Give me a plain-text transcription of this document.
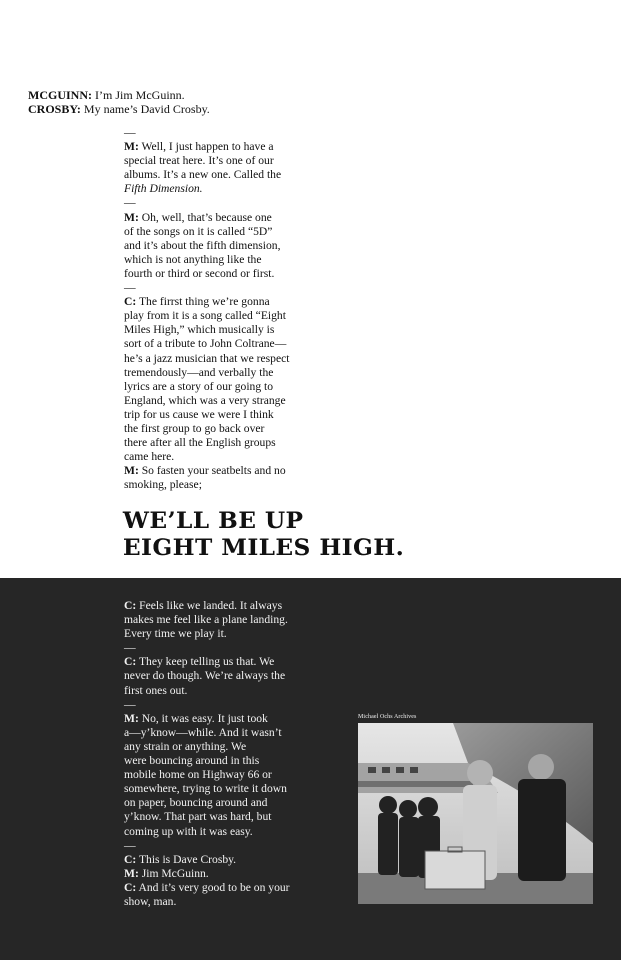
MCGUINN: I’m Jim McGuinn.

CROSBY: My name’s David Crosby.

—

M: Well, I just happen to have a
special treat here. It’s one of our
albums. It’s a new one. Called the
Fifth Dimension.

—

M: Oh, well, that’s because one
of the songs on it is called “5D”
and it’s about the fifth dimension,
which is not anything like the
fourth or third or second or first.

—

C: The firrst thing we’re gonna
play from it is a song called “Eight
Miles High,” which musically is
sort of a tribute to John Coltrane—
he’s a jazz musician that we respect
tremendously—and verbally the
lyrics are a story of our going to
England, which was a very strange
trip for us cause we were I think
the first group to go back over
there after all the English groups
came here.

M: So fasten your seatbelts and no
smoking, please;

WE’LL BE UP
EIGHT MILES HIGH.

C: Feels like we landed. It always
makes me feel like a plane landing.
Every time we play it.

—

C: They keep telling us that. We
never do though. We’re always the
first ones out.

—

M: No, it was easy. It just took
a—y’know—while. And it wasn’t
any strain or anything. We
were bouncing around in this
mobile home on Highway 66 or
somewhere, trying to write it down
on paper, bouncing around and
y’know. That part was hard, but
coming up with it was easy.

—

C: This is Dave Crosby.

M: Jim McGuinn.

C: And it’s very good to be on your
show, man.

Michael Ochs Archives
